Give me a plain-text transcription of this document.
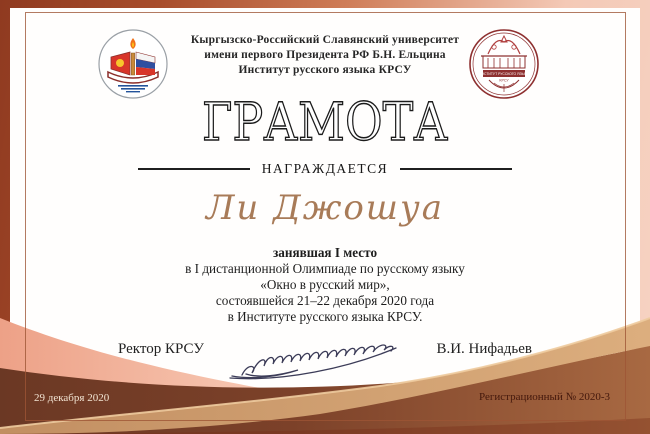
ИНСТИТУТ РУССКОГО ЯЗЫКА
КРСУ
Кыргызско-Российский Славянский университет
имени первого Президента РФ Б.Н. Ельцина
Институт русского языка КРСУ
ГРАМОТА
НАГРАЖДАЕТСЯ
Ли Джошуа
занявшая I место
в I дистанционной Олимпиаде по русскому языку
«Окно в русский мир»,
состоявшейся 21–22 декабря 2020 года
в Институте русского языка КРСУ.
Ректор КРСУ	В.И. Нифадьев
29 декабря 2020	Регистрационный № 2020-3
